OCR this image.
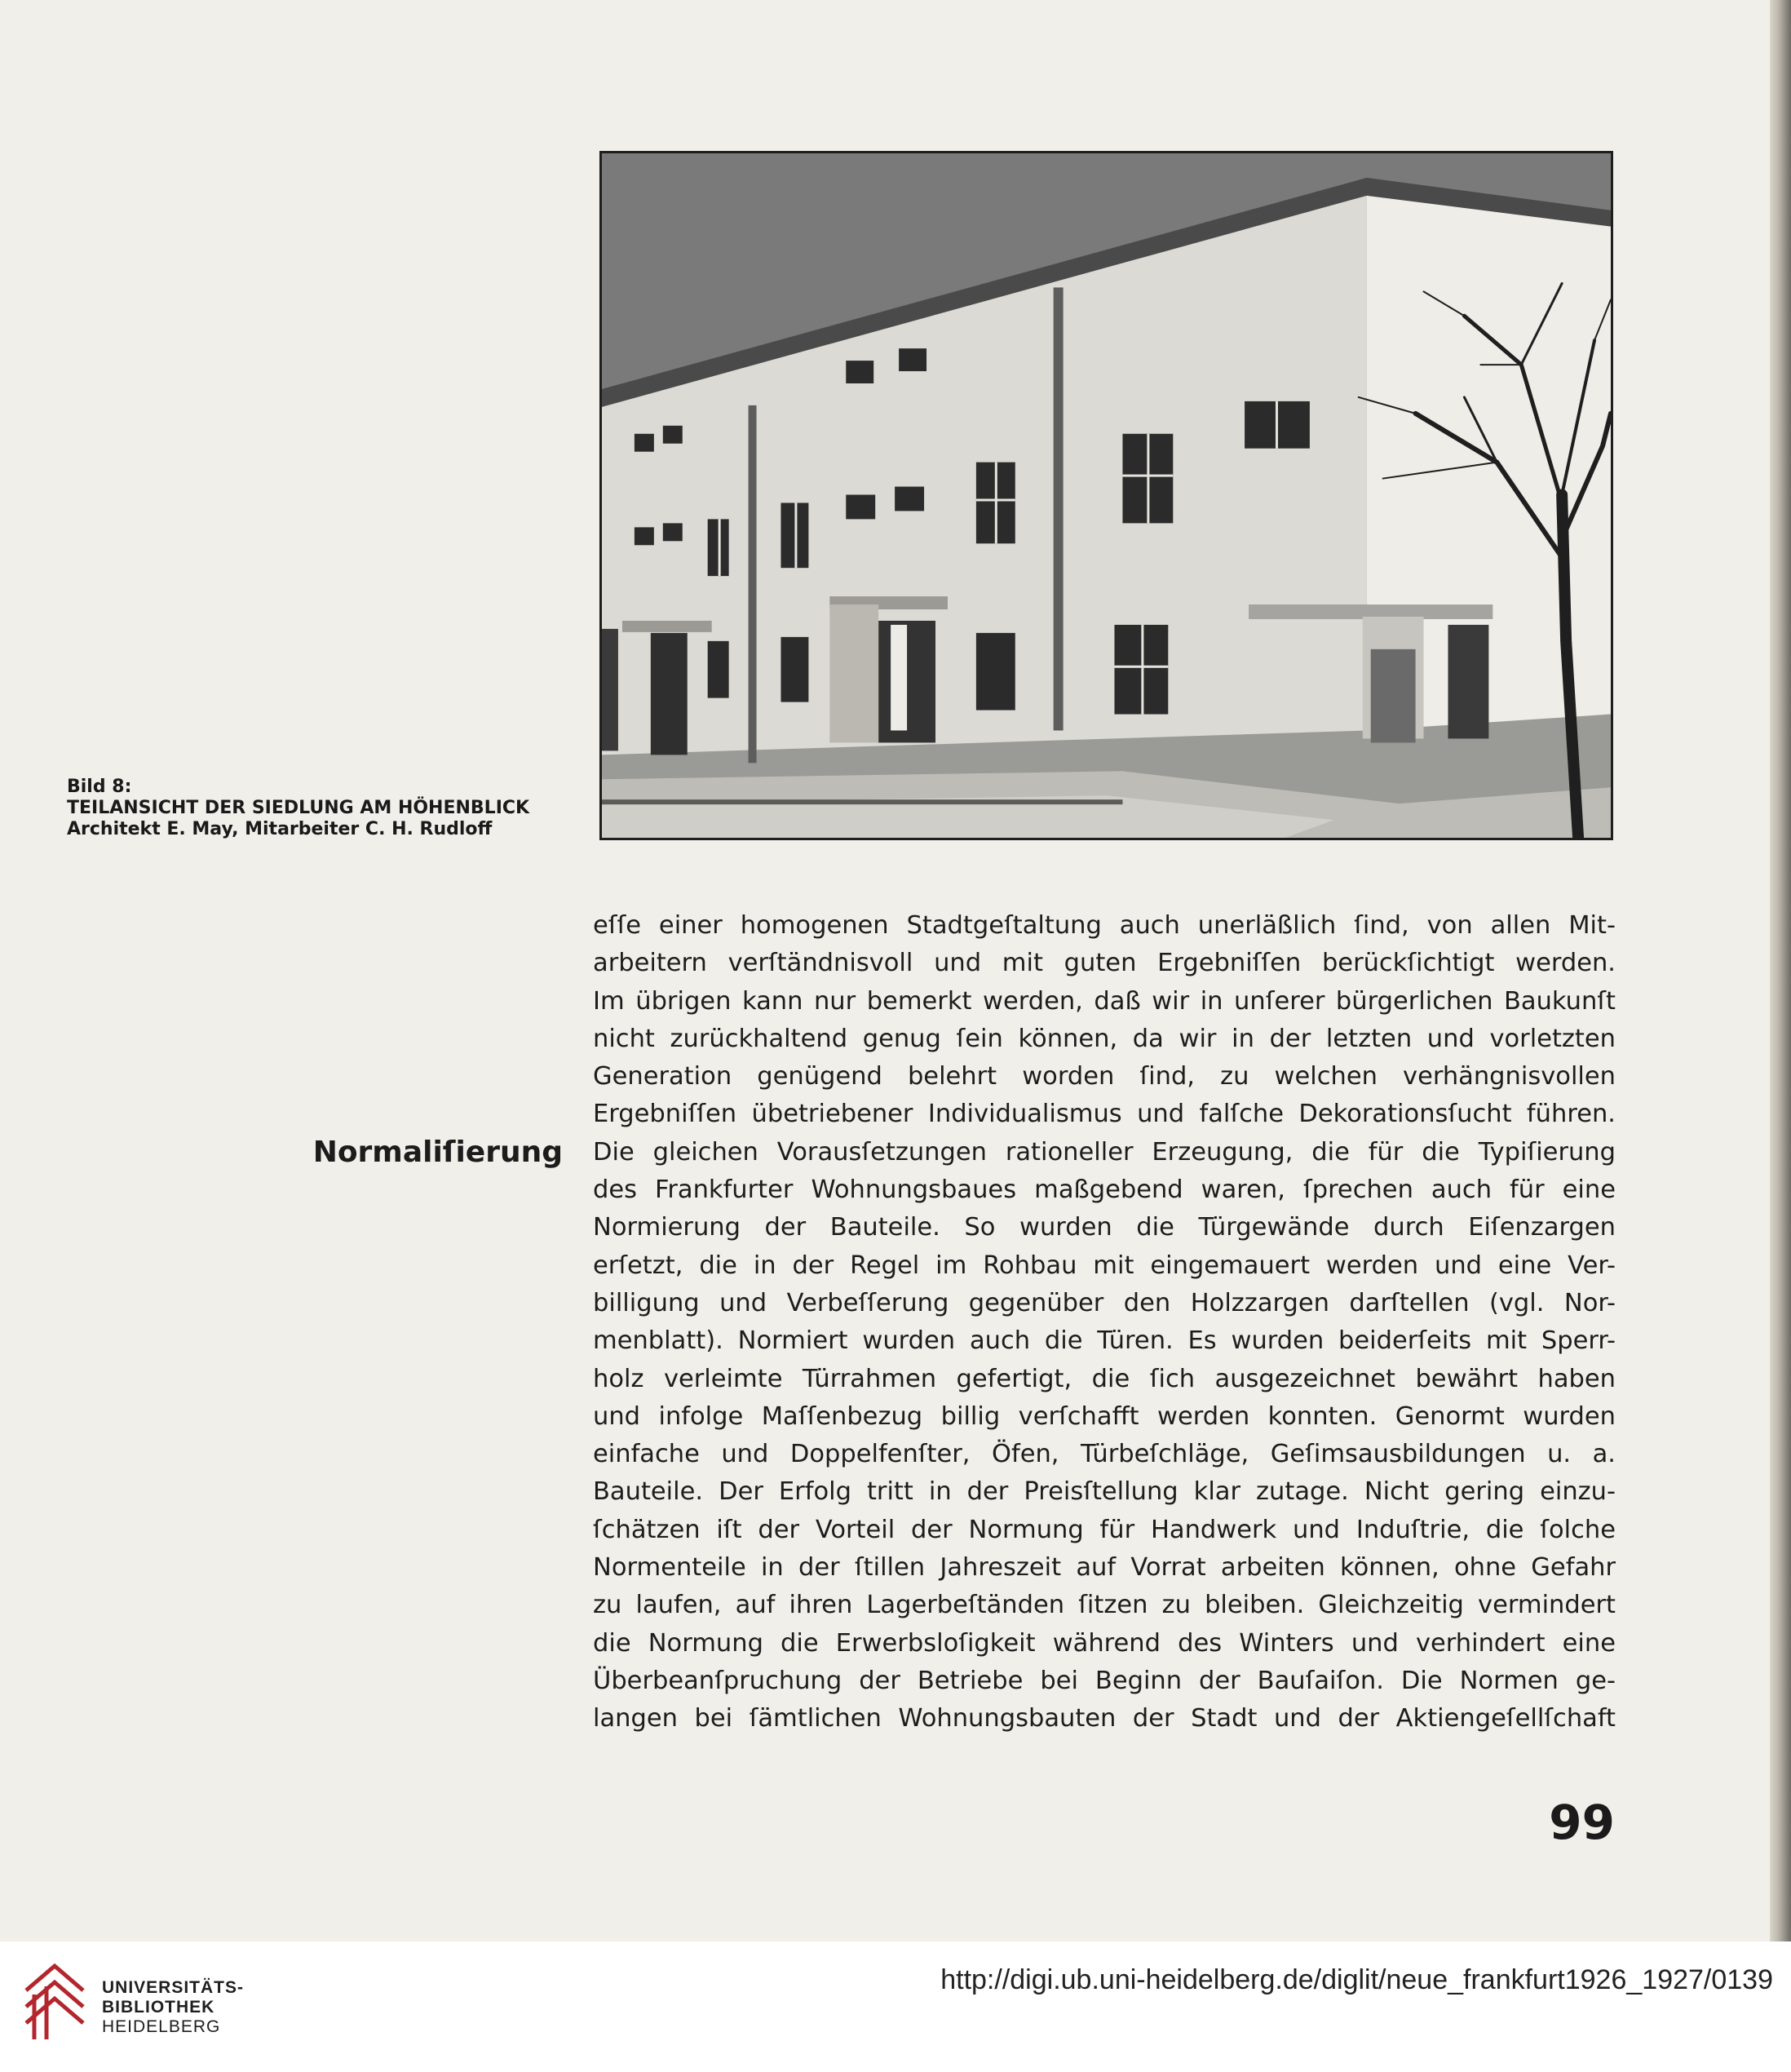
Bild 8:
TEILANSICHT DER SIEDLUNG AM HÖHENBLICK
Architekt E. May, Mitarbeiter C. H. Rudloff
Normaliſierung
eſſe einer homogenen Stadtgeſtaltung auch unerläßlich ſind, von allen Mit-
arbeitern verſtändnisvoll und mit guten Ergebniſſen berückſichtigt werden.
Im übrigen kann nur bemerkt werden, daß wir in unſerer bürgerlichen Baukunſt
nicht zurückhaltend genug ſein können, da wir in der letzten und vorletzten
Generation genügend belehrt worden ſind, zu welchen verhängnisvollen
Ergebniſſen übetriebener Individualismus und falſche Dekorationsſucht führen.
Die gleichen Vorausſetzungen rationeller Erzeugung, die für die Typiſierung
des Frankfurter Wohnungsbaues maßgebend waren, ſprechen auch für eine
Normierung der Bauteile. So wurden die Türgewände durch Eiſenzargen
erſetzt, die in der Regel im Rohbau mit eingemauert werden und eine Ver-
billigung und Verbeſſerung gegenüber den Holzzargen darſtellen (vgl. Nor-
menblatt). Normiert wurden auch die Türen. Es wurden beiderſeits mit Sperr-
holz verleimte Türrahmen gefertigt, die ſich ausgezeichnet bewährt haben
und infolge Maſſenbezug billig verſchafft werden konnten. Genormt wurden
einfache und Doppelfenſter, Öfen, Türbeſchläge, Geſimsausbildungen u. a.
Bauteile. Der Erfolg tritt in der Preisſtellung klar zutage. Nicht gering einzu-
ſchätzen iſt der Vorteil der Normung für Handwerk und Induſtrie, die ſolche
Normenteile in der ſtillen Jahreszeit auf Vorrat arbeiten können, ohne Gefahr
zu laufen, auf ihren Lagerbeſtänden ſitzen zu bleiben. Gleichzeitig vermindert
die Normung die Erwerbsloſigkeit während des Winters und verhindert eine
Überbeanſpruchung der Betriebe bei Beginn der Bauſaiſon. Die Normen ge-
langen bei ſämtlichen Wohnungsbauten der Stadt und der Aktiengeſellſchaft
99
UNIVERSITÄTS-
BIBLIOTHEK
HEIDELBERG
http://digi.ub.uni-heidelberg.de/diglit/neue_frankfurt1926_1927/0139
